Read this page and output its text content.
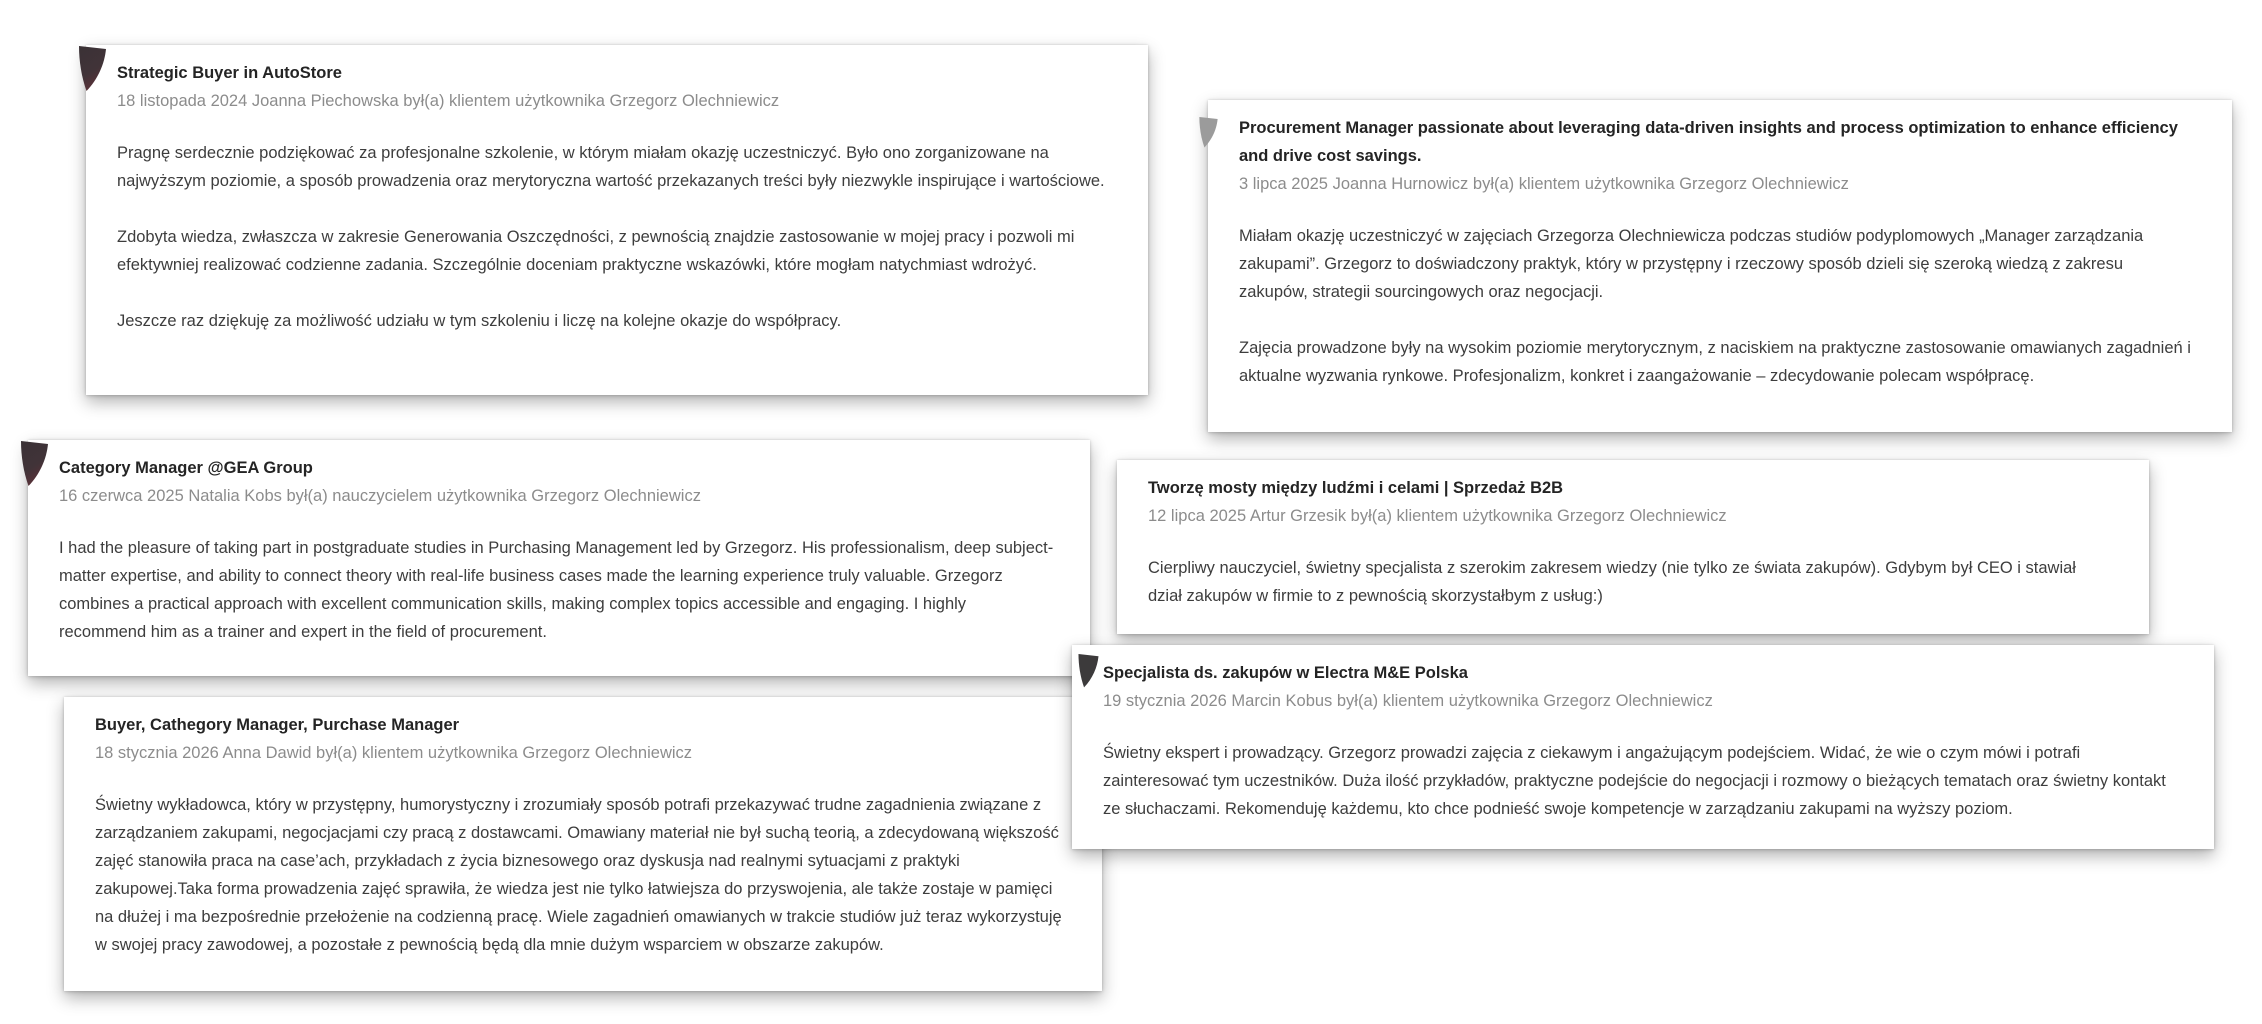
Strategic Buyer in AutoStore

18 listopada 2024 Joanna Piechowska był(a) klientem użytkownika Grzegorz Olechniewicz

Pragnę serdecznie podziękować za profesjonalne szkolenie, w którym miałam okazję uczestniczyć. Było ono zorganizowane na najwyższym poziomie, a sposób prowadzenia oraz merytoryczna wartość przekazanych treści były niezwykle inspirujące i wartościowe.

Zdobyta wiedza, zwłaszcza w zakresie Generowania Oszczędności, z pewnością znajdzie zastosowanie w mojej pracy i pozwoli mi efektywniej realizować codzienne zadania. Szczególnie doceniam praktyczne wskazówki, które mogłam natychmiast wdrożyć.

Jeszcze raz dziękuję za możliwość udziału w tym szkoleniu i liczę na kolejne okazje do współpracy.

Procurement Manager passionate about leveraging data-driven insights and process optimization to enhance efficiency and drive cost savings.

3 lipca 2025 Joanna Hurnowicz był(a) klientem użytkownika Grzegorz Olechniewicz

Miałam okazję uczestniczyć w zajęciach Grzegorza Olechniewicza podczas studiów podyplomowych „Manager zarządzania zakupami”. Grzegorz to doświadczony praktyk, który w przystępny i rzeczowy sposób dzieli się szeroką wiedzą z zakresu zakupów, strategii sourcingowych oraz negocjacji.

Zajęcia prowadzone były na wysokim poziomie merytorycznym, z naciskiem na praktyczne zastosowanie omawianych zagadnień i aktualne wyzwania rynkowe. Profesjonalizm, konkret i zaangażowanie – zdecydowanie polecam współpracę.

Category Manager @GEA Group

16 czerwca 2025 Natalia Kobs był(a) nauczycielem użytkownika Grzegorz Olechniewicz

I had the pleasure of taking part in postgraduate studies in Purchasing Management led by Grzegorz. His professionalism, deep subject-matter expertise, and ability to connect theory with real-life business cases made the learning experience truly valuable. Grzegorz combines a practical approach with excellent communication skills, making complex topics accessible and engaging. I highly recommend him as a trainer and expert in the field of procurement.

Tworzę mosty między ludźmi i celami | Sprzedaż B2B

12 lipca 2025 Artur Grzesik był(a) klientem użytkownika Grzegorz Olechniewicz

Cierpliwy nauczyciel, świetny specjalista z szerokim zakresem wiedzy (nie tylko ze świata zakupów). Gdybym był CEO i stawiał dział zakupów w firmie to z pewnością skorzystałbym z usług:)

Buyer, Cathegory Manager, Purchase Manager

18 stycznia 2026 Anna Dawid był(a) klientem użytkownika Grzegorz Olechniewicz

Świetny wykładowca, który w przystępny, humorystyczny i zrozumiały sposób potrafi przekazywać trudne zagadnienia związane z zarządzaniem zakupami, negocjacjami czy pracą z dostawcami. Omawiany materiał nie był suchą teorią, a zdecydowaną większość zajęć stanowiła praca na case’ach, przykładach z życia biznesowego oraz dyskusja nad realnymi sytuacjami z praktyki zakupowej.Taka forma prowadzenia zajęć sprawiła, że wiedza jest nie tylko łatwiejsza do przyswojenia, ale także zostaje w pamięci na dłużej i ma bezpośrednie przełożenie na codzienną pracę. Wiele zagadnień omawianych w trakcie studiów już teraz wykorzystuję w swojej pracy zawodowej, a pozostałe z pewnością będą dla mnie dużym wsparciem w obszarze zakupów.

Specjalista ds. zakupów w Electra M&E Polska

19 stycznia 2026 Marcin Kobus był(a) klientem użytkownika Grzegorz Olechniewicz

Świetny ekspert i prowadzący. Grzegorz prowadzi zajęcia z ciekawym i angażującym podejściem. Widać, że wie o czym mówi i potrafi zainteresować tym uczestników. Duża ilość przykładów, praktyczne podejście do negocjacji i rozmowy o bieżących tematach oraz świetny kontakt ze słuchaczami. Rekomenduję każdemu, kto chce podnieść swoje kompetencje w zarządzaniu zakupami na wyższy poziom.
